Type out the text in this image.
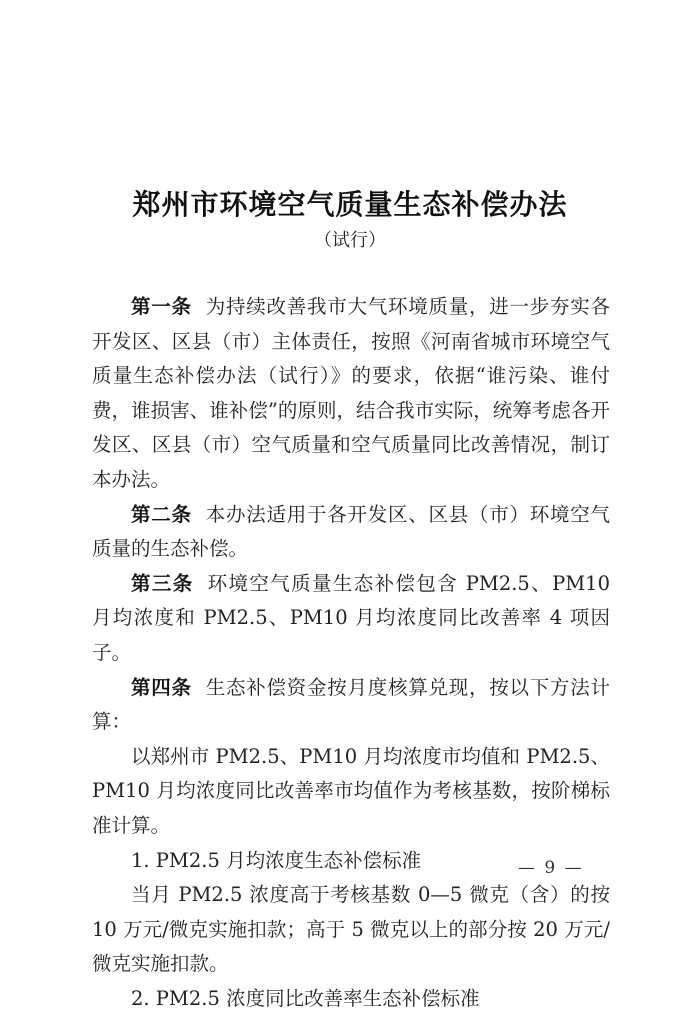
郑州市环境空气质量生态补偿办法
（试行）

第一条 为持续改善我市大气环境质量，进一步夯实各开发区、区县（市）主体责任，按照《河南省城市环境空气质量生态补偿办法（试行）》的要求，依据“谁污染、谁付费，谁损害、谁补偿”的原则，结合我市实际，统筹考虑各开发区、区县（市）空气质量和空气质量同比改善情况，制订本办法。

第二条 本办法适用于各开发区、区县（市）环境空气质量的生态补偿。

第三条 环境空气质量生态补偿包含 PM2.5、PM10 月均浓度和 PM2.5、PM10 月均浓度同比改善率 4 项因子。

第四条 生态补偿资金按月度核算兑现，按以下方法计算：

以郑州市 PM2.5、PM10 月均浓度市均值和 PM2.5、PM10 月均浓度同比改善率市均值作为考核基数，按阶梯标准计算。

1. PM2.5 月均浓度生态补偿标准

当月 PM2.5 浓度高于考核基数 0—5 微克（含）的按 10 万元/微克实施扣款；高于 5 微克以上的部分按 20 万元/微克实施扣款。

2. PM2.5 浓度同比改善率生态补偿标准

— 9 —
